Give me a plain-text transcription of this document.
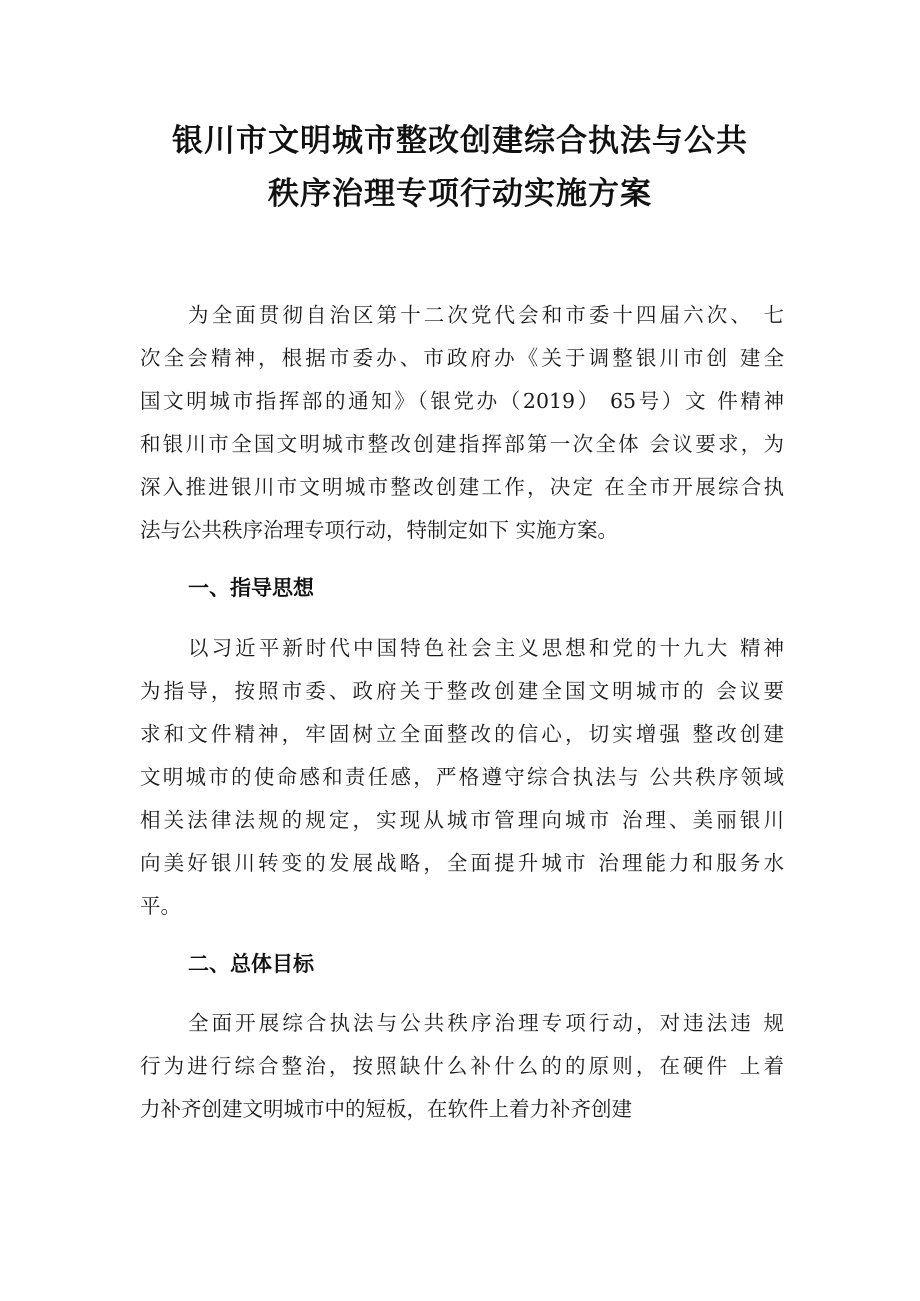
银川市文明城市整改创建综合执法与公共
秩序治理专项行动实施方案
为全面贯彻自治区第十二次党代会和市委十四届六次、 七
次全会精神，根据市委办、市政府办《关于调整银川市创 建全
国文明城市指挥部的通知》（银党办（2019） 65号）文 件精神
和银川市全国文明城市整改创建指挥部第一次全体 会议要求，为
深入推进银川市文明城市整改创建工作，决定 在全市开展综合执
法与公共秩序治理专项行动，特制定如下 实施方案。
一、指导思想
以习近平新时代中国特色社会主义思想和党的十九大 精神
为指导，按照市委、政府关于整改创建全国文明城市的 会议要
求和文件精神，牢固树立全面整改的信心，切实增强 整改创建
文明城市的使命感和责任感，严格遵守综合执法与 公共秩序领域
相关法律法规的规定，实现从城市管理向城市 治理、美丽银川
向美好银川转变的发展战略，全面提升城市 治理能力和服务水
平。
二、总体目标
全面开展综合执法与公共秩序治理专项行动，对违法违 规
行为进行综合整治，按照缺什么补什么的的原则，在硬件 上着
力补齐创建文明城市中的短板，在软件上着力补齐创建
